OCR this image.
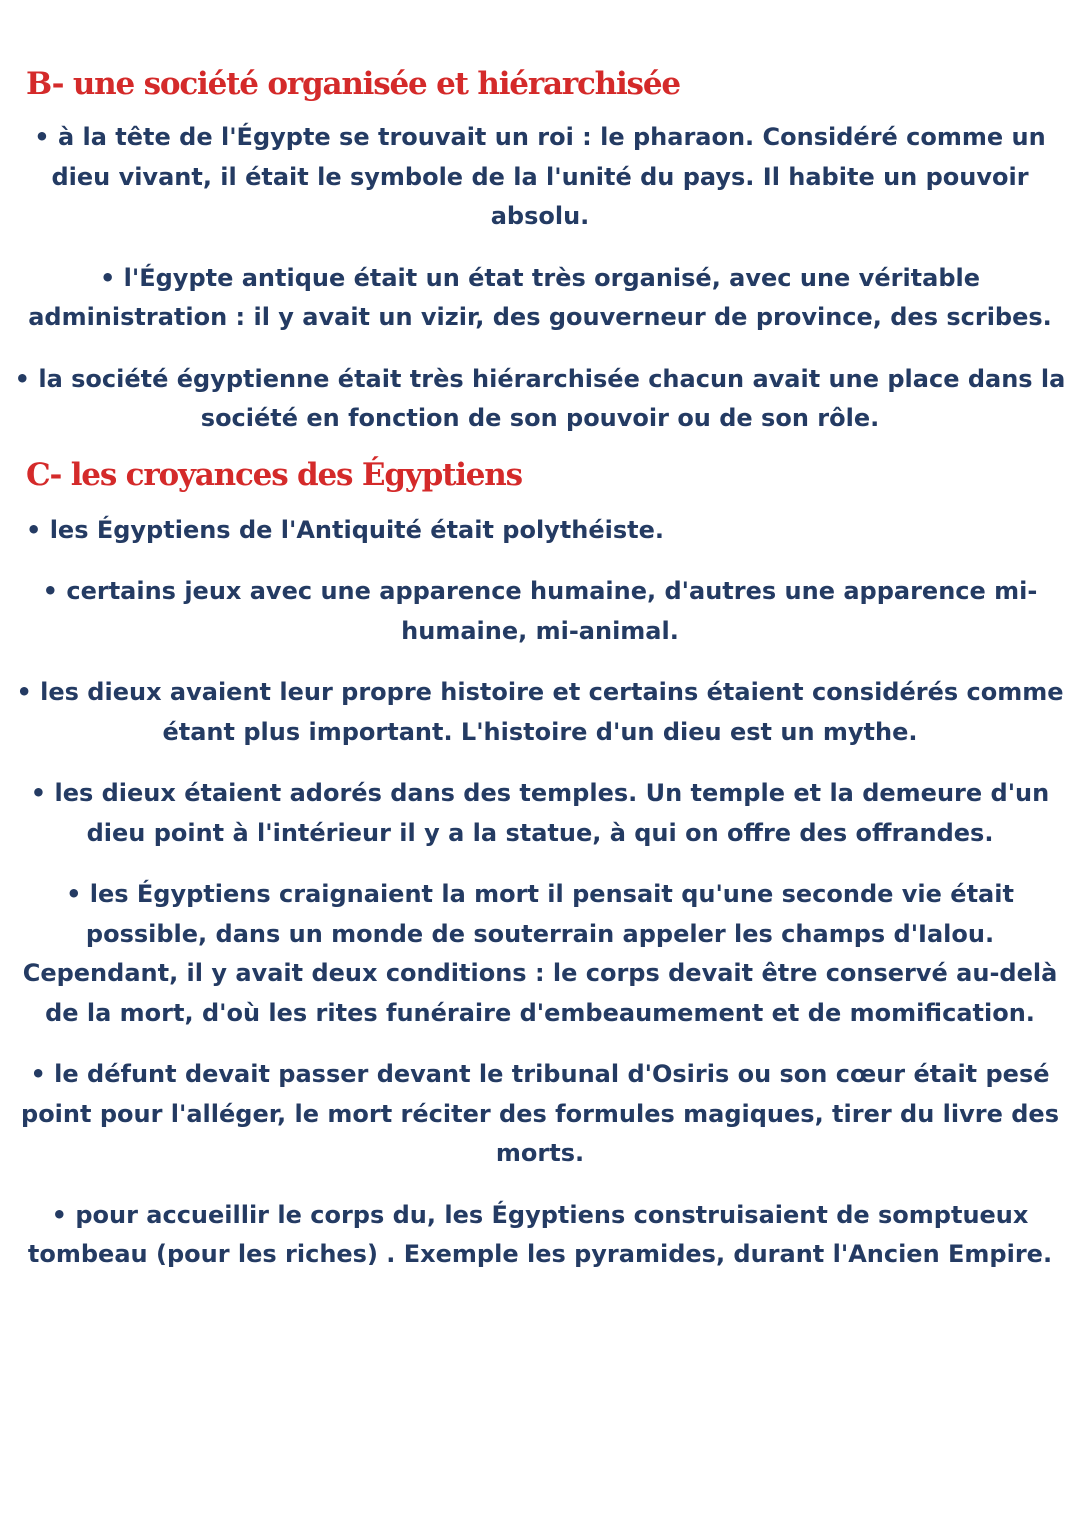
B- une société organisée et hiérarchisée

• à la tête de l'Égypte se trouvait un roi : le pharaon. Considéré comme un dieu vivant, il était le symbole de la l'unité du pays. Il habite un pouvoir absolu.

• l'Égypte antique était un état très organisé, avec une véritable administration : il y avait un vizir, des gouverneur de province, des scribes.

• la société égyptienne était très hiérarchisée chacun avait une place dans la société en fonction de son pouvoir ou de son rôle.

C- les croyances des Égyptiens

• les Égyptiens de l'Antiquité était polythéiste.

• certains jeux avec une apparence humaine, d'autres une apparence mi-humaine, mi-animal.

• les dieux avaient leur propre histoire et certains étaient considérés comme étant plus important. L'histoire d'un dieu est un mythe.

• les dieux étaient adorés dans des temples. Un temple et la demeure d'un dieu point à l'intérieur il y a la statue, à qui on offre des offrandes.

• les Égyptiens craignaient la mort il pensait qu'une seconde vie était possible, dans un monde de souterrain appeler les champs d'Ialou. Cependant, il y avait deux conditions : le corps devait être conservé au-delà de la mort, d'où les rites funéraire d'embeaumement et de momification.

• le défunt devait passer devant le tribunal d'Osiris ou son cœur était pesé point pour l'alléger, le mort réciter des formules magiques, tirer du livre des morts.

• pour accueillir le corps du, les Égyptiens construisaient de somptueux tombeau (pour les riches) . Exemple les pyramides, durant l'Ancien Empire.
